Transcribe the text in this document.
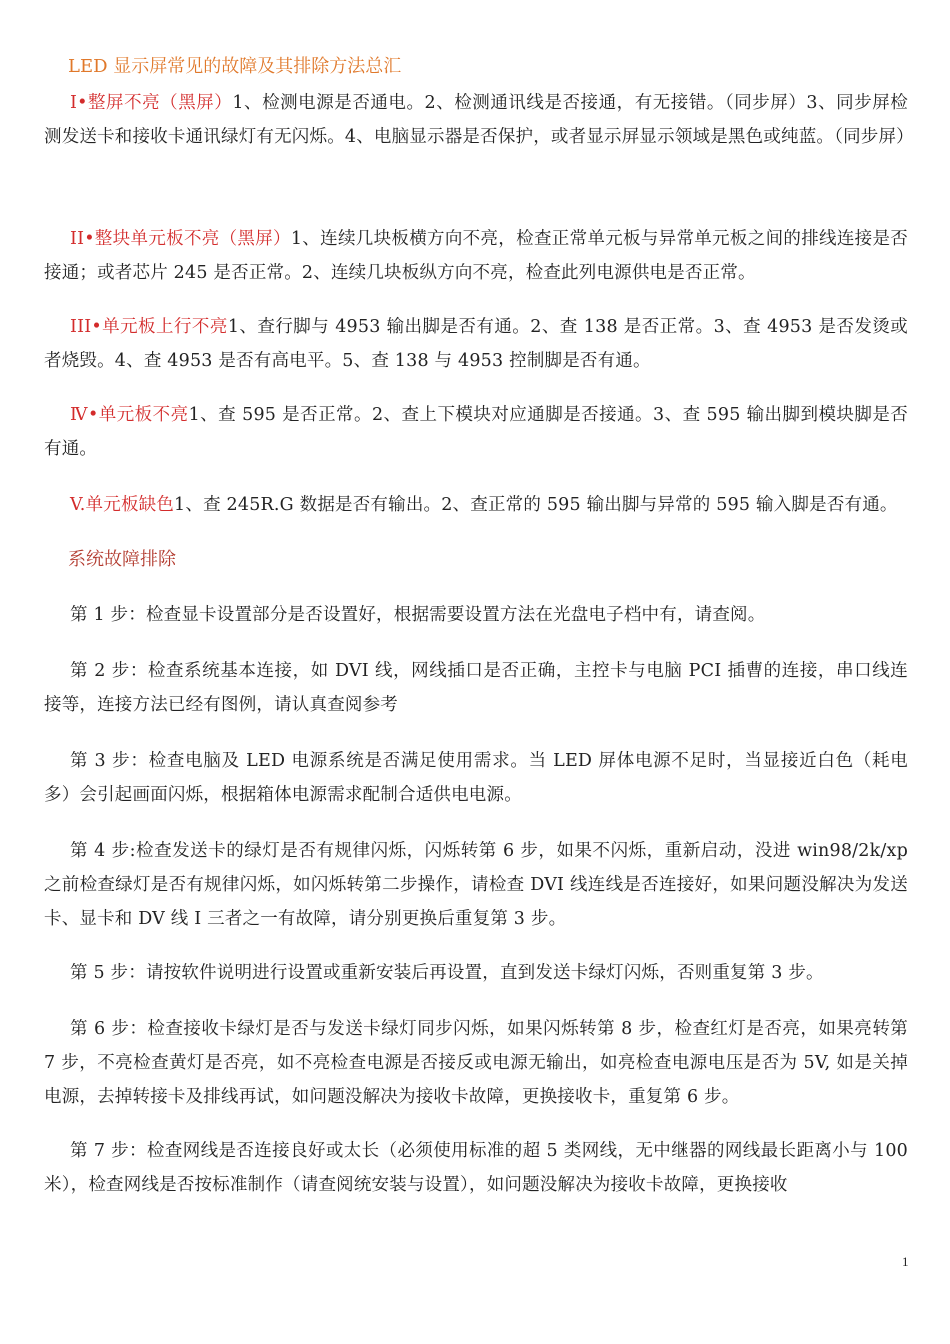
LED 显示屏常见的故障及其排除方法总汇

I•整屏不亮（黑屏）1、检测电源是否通电。2、检测通讯线是否接通，有无接错。（同步屏）3、同步屏检测发送卡和接收卡通讯绿灯有无闪烁。4、电脑显示器是否保护，或者显示屏显示领域是黑色或纯蓝。（同步屏）

II•整块单元板不亮（黑屏）1、连续几块板横方向不亮，检查正常单元板与异常单元板之间的排线连接是否接通；或者芯片 245 是否正常。2、连续几块板纵方向不亮，检查此列电源供电是否正常。

III•单元板上行不亮1、查行脚与 4953 输出脚是否有通。2、查 138 是否正常。3、查 4953 是否发烫或者烧毁。4、查 4953 是否有高电平。5、查 138 与 4953 控制脚是否有通。

Ⅳ•单元板不亮1、查 595 是否正常。2、查上下模块对应通脚是否接通。3、查 595 输出脚到模块脚是否有通。

V.单元板缺色1、查 245R.G 数据是否有输出。2、查正常的 595 输出脚与异常的 595 输入脚是否有通。

系统故障排除

第 1 步：检查显卡设置部分是否设置好，根据需要设置方法在光盘电子档中有，请查阅。

第 2 步：检查系统基本连接，如 DVI 线，网线插口是否正确，主控卡与电脑 PCI 插曹的连接，串口线连接等，连接方法已经有图例，请认真查阅参考

第 3 步：检查电脑及 LED 电源系统是否满足使用需求。当 LED 屏体电源不足时，当显接近白色（耗电多）会引起画面闪烁，根据箱体电源需求配制合适供电电源。

第 4 步:检查发送卡的绿灯是否有规律闪烁，闪烁转第 6 步，如果不闪烁，重新启动，没进 win98/2k/xp 之前检查绿灯是否有规律闪烁，如闪烁转第二步操作，请检查 DVI 线连线是否连接好，如果问题没解决为发送卡、显卡和 DV 线 I 三者之一有故障，请分别更换后重复第 3 步。

第 5 步：请按软件说明进行设置或重新安装后再设置，直到发送卡绿灯闪烁，否则重复第 3 步。

第 6 步：检查接收卡绿灯是否与发送卡绿灯同步闪烁，如果闪烁转第 8 步，检查红灯是否亮，如果亮转第 7 步，不亮检查黄灯是否亮，如不亮检查电源是否接反或电源无输出，如亮检查电源电压是否为 5V, 如是关掉电源，去掉转接卡及排线再试，如问题没解决为接收卡故障，更换接收卡，重复第 6 步。

第 7 步：检查网线是否连接良好或太长（必须使用标准的超 5 类网线，无中继器的网线最长距离小与 100 米），检查网线是否按标准制作（请查阅统安装与设置），如问题没解决为接收卡故障，更换接收

1
